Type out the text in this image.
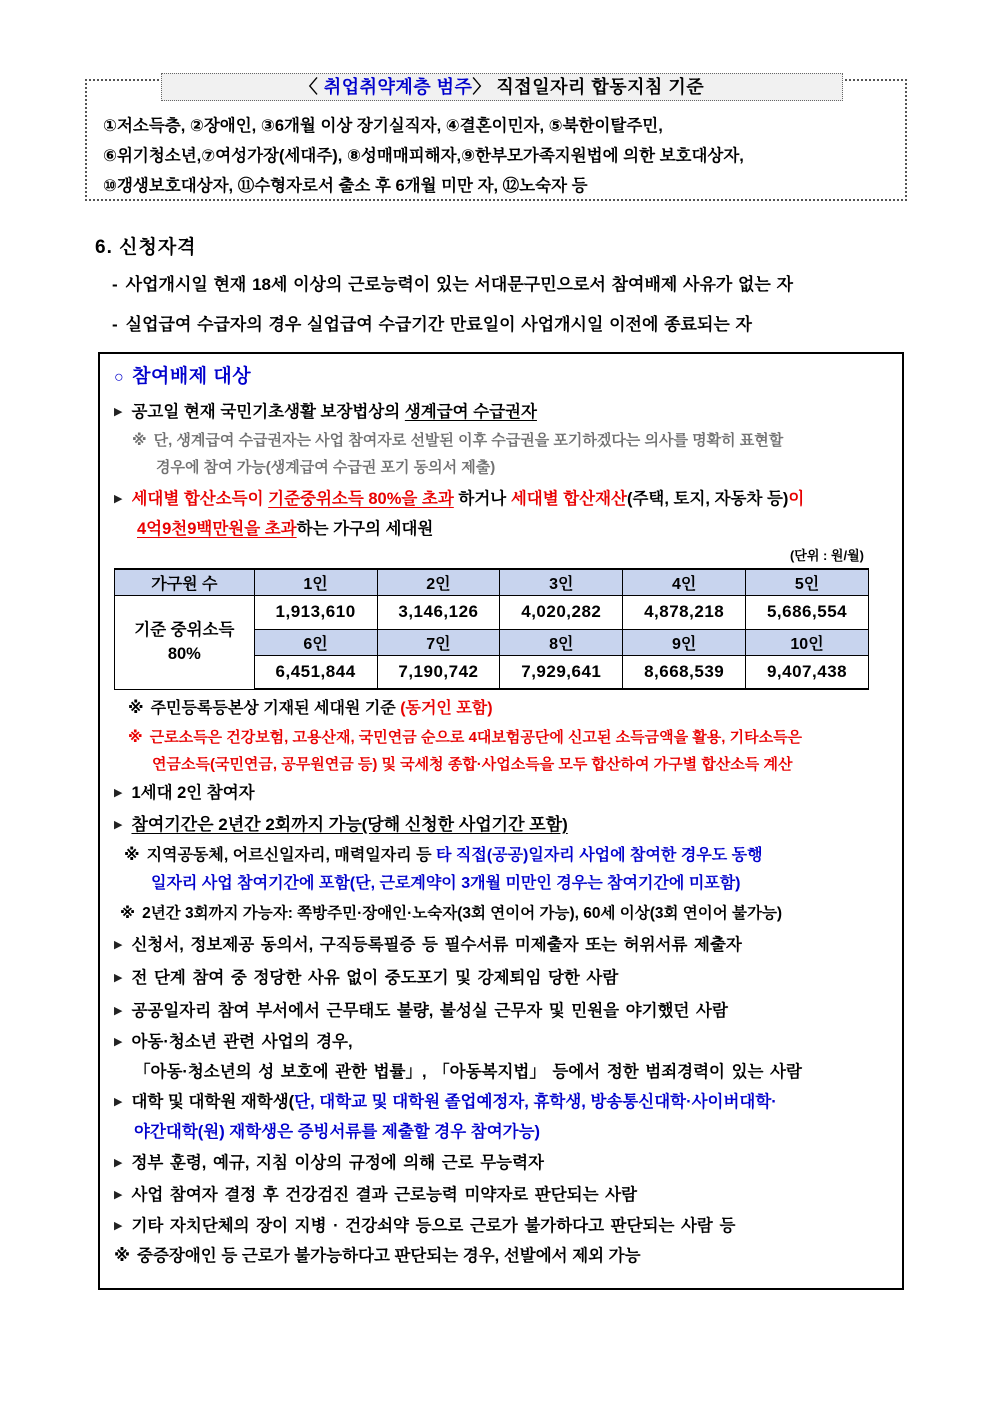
〈 취업취약계층 범주〉 직접일자리 합동지침 기준
①저소득층, ②장애인, ③6개월 이상 장기실직자, ④결혼이민자, ⑤북한이탈주민,
⑥위기청소년,⑦여성가장(세대주), ⑧성매매피해자,⑨한부모가족지원법에 의한 보호대상자,
⑩갱생보호대상자, ⑪수형자로서 출소 후 6개월 미만 자, ⑫노숙자 등
6. 신청자격
- 사업개시일 현재 18세 이상의 근로능력이 있는 서대문구민으로서 참여배제 사유가 없는 자
- 실업급여 수급자의 경우 실업급여 수급기간 만료일이 사업개시일 이전에 종료되는 자
○ 참여배제 대상
▶ 공고일 현재 국민기초생활 보장법상의 생계급여 수급권자
※ 단, 생계급여 수급권자는 사업 참여자로 선발된 이후 수급권을 포기하겠다는 의사를 명확히 표현할
경우에 참여 가능(생계급여 수급권 포기 동의서 제출)
▶ 세대별 합산소득이 기준중위소득 80%을 초과 하거나 세대별 합산재산(주택, 토지, 자동차 등)이
4억9천9백만원을 초과하는 가구의 세대원
(단위 : 원/월)
가구원 수	1인	2인	3인	4인	5인

기준 중위소득
80%	1,913,610	3,146,126	4,020,282	4,878,218	5,686,554
	6인	7인	8인	9인	10인
	6,451,844	7,190,742	7,929,641	8,668,539	9,407,438
※ 주민등록등본상 기재된 세대원 기준 (동거인 포함)
※ 근로소득은 건강보험, 고용산재, 국민연금 순으로 4대보험공단에 신고된 소득금액을 활용, 기타소득은
연금소득(국민연금, 공무원연금 등) 및 국세청 종합·사업소득을 모두 합산하여 가구별 합산소득 계산
▶ 1세대 2인 참여자
▶ 참여기간은 2년간 2회까지 가능(당해 신청한 사업기간 포함)
※ 지역공동체, 어르신일자리, 매력일자리 등 타 직접(공공)일자리 사업에 참여한 경우도 동행
일자리 사업 참여기간에 포함(단, 근로계약이 3개월 미만인 경우는 참여기간에 미포함)
※ 2년간 3회까지 가능자: 쪽방주민·장애인·노숙자(3회 연이어 가능), 60세 이상(3회 연이어 불가능)
▶ 신청서, 정보제공 동의서, 구직등록필증 등 필수서류 미제출자 또는 허위서류 제출자
▶ 전 단계 참여 중 정당한 사유 없이 중도포기 및 강제퇴임 당한 사람
▶ 공공일자리 참여 부서에서 근무태도 불량, 불성실 근무자 및 민원을 야기했던 사람
▶ 아동·청소년 관련 사업의 경우,
「아동·청소년의 성 보호에 관한 법률」, 「아동복지법」 등에서 정한 범죄경력이 있는 사람
▶ 대학 및 대학원 재학생(단, 대학교 및 대학원 졸업예정자, 휴학생, 방송통신대학·사이버대학·
야간대학(원) 재학생은 증빙서류를 제출할 경우 참여가능)
▶ 정부 훈령, 예규, 지침 이상의 규정에 의해 근로 무능력자
▶ 사업 참여자 결정 후 건강검진 결과 근로능력 미약자로 판단되는 사람
▶ 기타 자치단체의 장이 지병 · 건강쇠약 등으로 근로가 불가하다고 판단되는 사람 등
※ 중증장애인 등 근로가 불가능하다고 판단되는 경우, 선발에서 제외 가능
